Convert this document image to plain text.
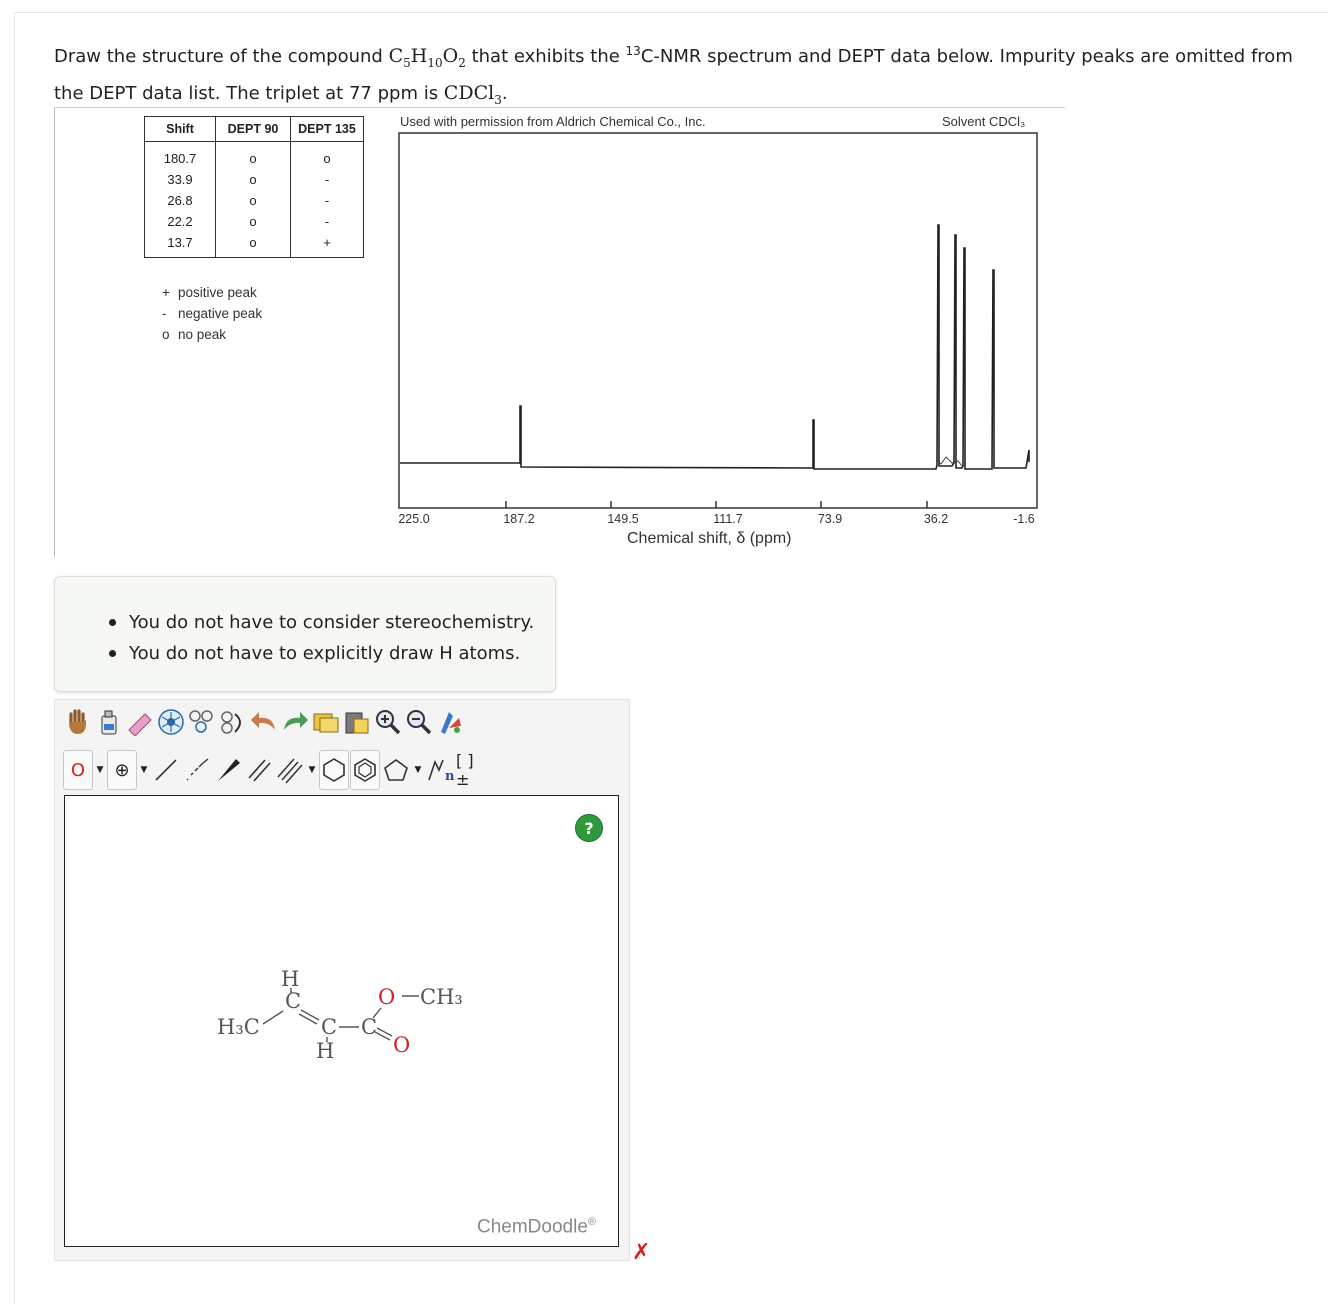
Draw the structure of the compound $C_5H_{10}O_2$ that exhibits the $^{13}$C-NMR spectrum and DEPT data below. Impurity peaks are omitted from the DEPT data list. The triplet at 77 ppm is CDCl$_3$.
Shift	DEPT 90	DEPT 135
180.7	o	o
33.9	o	-
26.8	o	-
22.2	o	-
13.7	o	+
+ positive peak
- negative peak
o no peak
Used with permission from Aldrich Chemical Co., Inc.	Solvent CDCl₃
225.0	187.2	149.5	111.7	73.9	36.2	-1.6
Chemical shift, δ (ppm)
You do not have to consider stereochemistry.
You do not have to explicitly draw H atoms.
O ▼ ⊕ ▼	▼	▼ n
[ ]±
?
H
C
H₃C	C
H
C
CH₃
O
O
ChemDoodle®
✗
